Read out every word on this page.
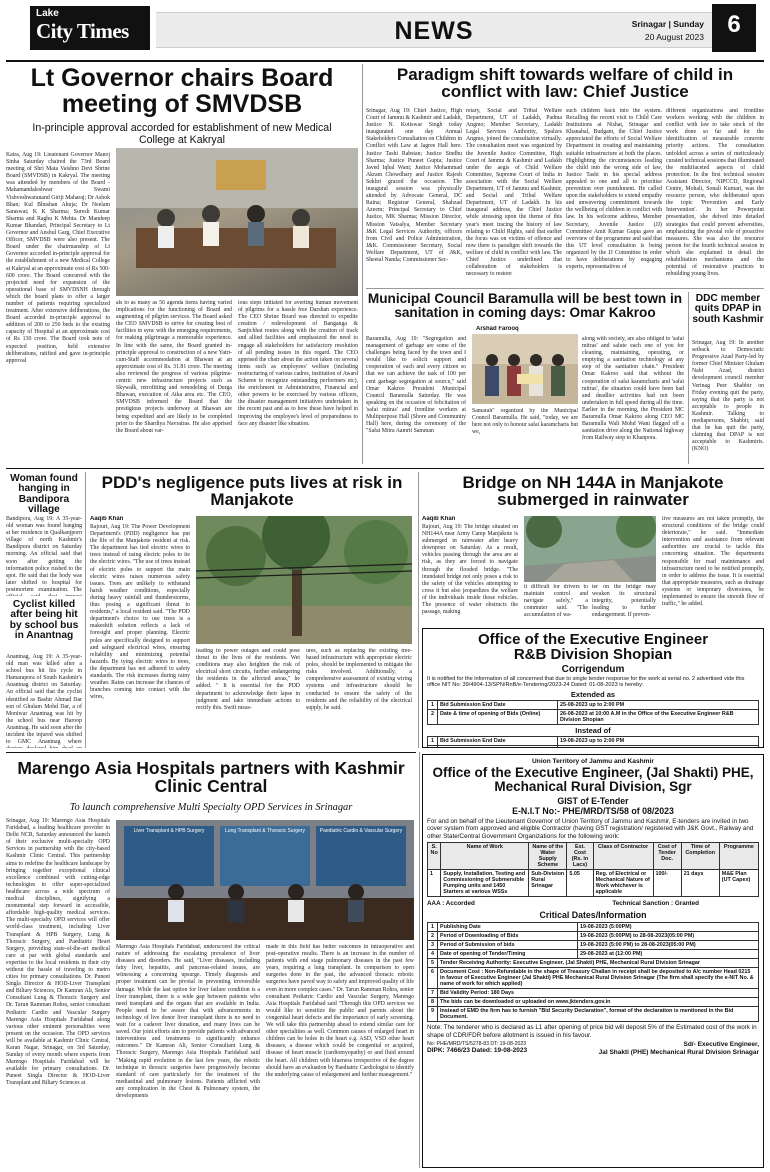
Lake
City Times	NEWS	Srinagar | Sunday
20 August 2023 6
Lt Governor chairs Board meeting of SMVDSB
In-principle approval accorded for establishment of new Medical College at Kakryal
Katra, Aug 19: Lieutenant Governor Manoj Sinha Saturday chaired the 73rd Board meeting of Shri Mata Vaishno Devi Shrine Board (SMVDSB) in Kakryal. The meeting was attended by members of the Board - Mahamandaleshwar Swami Vishveshwaranand Giriji Maharaj; Dr Ashok Bhan; Kul Bhushan Ahuja; Dr Neelam Saraswat; K K Sharma; Suresh Kumar Sharma and Raghu K Mehta. Dr Mandeep Kumar Bhandari, Principal Secretary to Lt Governor and Anshul Garg, Chief Executive Officer, SMVDSB were also present. The Board under the chairmanship of Lt Governor accorded in-principle approval for the establishment of a new Medical College at Kakryal at an approximate cost of Rs 500-600 crore. The Board concurred with the projected need for expansion of the operational base of SMVDSNH through which the board plans to offer a larger number of patients requiring specialized treatment. After extensive deliberations, the Board accorded in-principle approval to addition of 200 to 250 beds to the existing capacity of Hospital at an approximate cost of Rs 130 crore. The Board took note of expected position, held extensive deliberations, ratified and gave in-principle approval
als to as many as 56 agenda items having varied implications for the functioning of Board and augmenting of pilgrim services. The Board asked the CEO SMVDSB to strive for creating best of facilities in sync with the emerging requirements, for making pilgrimage a memorable experience. In line with the same, the Board granted in-principle approval to construction of a new Yatri-cum-Staff accommodation at Bhawan at an approximate cost of Rs. 31.81 crore. The meeting also reviewed the progress of various pilgrims-centric new infrastructure projects such as Skywalk, retrofitting and remodeling of Durga Bhawan, execution of Atka area etc. The CEO, SMVDSB informed the Board that the prestigious projects underway at Bhawan are being expedited and are likely to be completed prior to the Shardiya Navratras. He also apprised the Board about var-
ious steps initiated for averting human movement of pilgrims for a hassle free Darshan experience. The CEO Shrine Board was directed to expedite creation / redevelopment of Banganga & Sanjichhat routes along with the creation of track and allied facilities and emphasized the need to engage all stakeholders for satisfactory resolution of all pending issues in this regard. The CEO apprised the chair about the action taken on several items such as employees' welfare (including restructuring of various cadres, institution of Award Scheme to recognize outstanding performers etc), the enrichment in Administrative, Financial and other powers to be exercised by various officers, the disaster management initiatives undertaken in the recent past and as to how these have helped in improving the employee's level of preparedness to face any disaster like situation.
Paradigm shift towards welfare of child in conflict with law: Chief Justice
Srinagar, Aug 19: Chief Justice, High Court of Jammu & Kashmir and Ladakh, Justice N. Kotiswar Singh today inaugurated one day Annual Stakeholders Consultation on Children in Conflict with Law at Jagree Hall here. Justice Tashi Rabstan; Justice Sindhu Sharma; Justice Puneet Gupta; Justice Javed Iqbal Wani; Justice Mohammad Akram Chowdhary and Justice Rajesh Sekhri graced the occasion. The inaugural session was physically attended by Advocate General, DC Raina; Registrar General, Shahzad Azeem; Principal Secretary to Chief Justice, MK Sharma; Mission Director, Mission Vatsalya, Member Secretary J&K Legal Services Authority, officers from Civil and Police Administration, J&K. Commissioner Secretary, Social Welfare Department, UT of J&K, Sheetal Nanda; Commissioner Sec-
retary, Social and Tribal Welfare Department, UT of Ladakh, Padma Angmo; Member Secretary, Ladakh Legal Services Authority, Spalzes Angmo, joined the consultation virtually. The consultation meet was organized by the Juvenile Justice Committee, High Court of Jammu & Kashmir and Ladakh under the aegis of Child Welfare Committee, Supreme Court of India in association with the Social Welfare Department, UT of Jammu and Kashmir, and Social and Tribal Welfare Department, UT of Ladakh. In his inaugural address, the Chief Justice while stressing upon the theme of this year's meet tracing the history of law relating to Child Rights, said that earlier the focus was on victims of offence and now there is paradigm shift towards the welfare of child in conflict with law. The Chief Justice underlined that collaboration of stakeholders is necessary to restore
such children back into the system. Recalling the recent visit to Child Care Institutions at Nishat, Srinagar and Khanabal, Budgam, the Chief Justice appreciated the efforts of Social Welfare Department in creating and maintaining suitable infrastructure at both the places. Highlighting the circumstances leading the child into the wrong side of law, Justice Tashi in his special address appealed to one and all to prioritise prevention over punishment. He called upon the stakeholders to extend empathy and unwavering commitment towards the wellbeing of children in conflict with law. In his welcome address, Member Secretary, Juvenile Justice (JJ) Committee Amit Kumar Gupta gave an overview of the programme and said that this UT level consultation is being organized by the JJ Committee in order to have deliberations by engaging experts, representatives of
different organizations and frontline workers working with the children in conflict with law to take stock of the work done so far and for the identification of measurable concrete priority actions. The consultation unfolded across a series of meticulously curated technical sessions that illuminated the multifaceted aspects of child protection. In the first technical session Assistant Director, NIPCCD, Regional Centre, Mohali, Sonali Kumari, was the resource person, who deliberated upon the topic 'Prevention and Early Intervention'. In her Powerpoint presentation, she delved into detailed strategies that could prevent adversities, emphasizing the pivotal role of proactive measures. She was also the resource person for the fourth technical session in which she explained in detail the rehabilitation mechanisms and the potential of restorative practices in rebuilding young lives.
Municipal Council Baramulla will be best town in sanitation in coming days: Omar Kakroo
Arshad Farooq
Baramulla, Aug 19: "Segregation and management of garbage are some of the challenges being faced by the town and I would like to solicit support and cooperation of each and every citizen so that we can achieve the task of 100 per cent garbage segregation at source," said Omar Kakroo President Municipal Council Baramulla Saturday. He was speaking on the occasion of felicitation of 'safai mitras' and frontline workers at Multipurpose Hall (Shore and Community Hall) here, during the ceremony of the "Safai Mitra Aamrit Samman
Samarah" organized by the Municipal Council Baramulla. He said, "today, we are here not only to honour safai karamcharis but we,
along with society, are also obliged to 'safai mitras' and salute each one of you for cleaning, maintaining, operating, or emptying a sanitation technology at any step of the sanitation chain." President Omar Kakroo said that without the cooperation of safai karamcharis and 'safai mitras', the situation could have been bad and deadlier activities had not been undertaken in full speed during all the time. Earlier in the morning, the President MC Baramulla Omar Kakroo along CEO MC Baramulla Wali Mohd Wani flagged off a sanitation drive along the National highway from Railway stop to Khanpora.
DDC member quits DPAP in south Kashmir
Srinagar, Aug 19: In another setback to Democratic Progressive Azad Party-led by former Chief Minister Ghulam Nabi Azad, district development council member Verinag Peer Shabbir on Friday evening quit the party, saying that the party is not acceptable to people in Kashmir. Talking to mediapersons, Shabbir, said that he has quit the party, claiming that DPAP is not acceptable to Kashmiris. (KNO)
Woman found hanging in Bandipora village
Bandipora, Aug 19: A 35-year-old woman was found hanging at her residence in Qualkanjporn village of north Kashmir's Bandipora district on Saturday morning. An official said that soon after getting the information police rushed to the spot. He said that the body was later shifted to hospital for postmortem examination. The
Cyclist killed after being hit by school bus in Anantnag
Anantnag, Aug 19: A 35-year-old man was killed after a school bus hit his cycle in Hamarapora of South Kashmir's Anantnag district on Saturday. An official said that the cyclist identified as Bashir Ahmad Dar son of Ghulam Mohd Dar, a of Moniwar Anantnag was hit by the school bus near Haroop Anantnag. He said soon after the incident the injured was shifted to GMC Anantnag where
PDD's negligence puts lives at risk in Manjakote
Aaqib Khan
Rajouri, Aug 19: The Power Development Department's (PDD) negligence has put the life of the Manjakote resident at risk. The department has tied electric wires to trees instead of using electric poles to tie the electric wires. "The use of trees instead of electric poles to support the main electric wires raises numerous safety issues. Trees are unlikely to withstand harsh weather conditions, especially during heavy rainfall and thunderstorms, thus posing a significant threat to residents," a local resident said. "The PDD department's choice to use trees is a makeshift solution reflects a lack of foresight and proper planning. Electric poles are specifically designed to support and safeguard electrical wires, ensuring reliability and minimizing potential hazards. By tying electric wires to trees, the department has not adhered to safety standards. The risk increases during rainy weather. Rains can increase the chances of branches coming into contact with the wires,
leading to power outages and could pose threat to the lives of the residents. Wet conditions may also heighten the risk of electrical short circuits, further endangering the residents in the affected areas," he added. " It is essential for the PDD department to acknowledge their lapse in judgment and take immediate actions to rectify this. Swift meas-
ures, such as replacing the existing tree-based infrastructure with appropriate electric poles, should be implemented to mitigate the risks involved. Additionally, a comprehensive assessment of existing wiring systems and infrastructure should be conducted to ensure the safety of the residents and the reliability of the electrical supply, he said.
Bridge on NH 144A in Manjakote submerged in rainwater
Aaqib Khan
Rajouri, Aug 19: The bridge situated on NH144A near Army Camp Manjakote is submerged in rainwater after heavy downpour on Saturday. As a result, vehicles passing through the area are at risk, as they are forced to navigate through the flooded bridge. "The inundated bridge not only poses a risk to the safety of the vehicles attempting to cross it but also jeopardizes the welfare of the individuals inside those vehicles. The presence of water obstructs the passage, making
it difficult for drivers to maintain control and navigate safely," a commuter said. "The accumulation of wa-
ter on the bridge may weaken its structural integrity, potentially leading to further endangerment. If preven-
tive measures are not taken promptly, the structural conditions of the bridge could deteriorate," he said. "Immediate intervention and assistance from relevant authorities are crucial to tackle this concerning situation. The departments responsible for road maintenance and infrastructure need to be notified promptly, in order to address the issue. It is essential that appropriate measures, such as drainage systems or temporary diversions, be implemented to ensure the smooth flow of traffic," he added.
Office of the Executive Engineer
R&B Division Shopian
Corrigendum
It is notified for the information of all concerned that due to single tender response for the work at serial no. 2 advertised vide this office NIT No: 39/4904-13/SPN/RnB/e-Tendering/2023-24 Dated: 01-08-2023 is hereby:
Extended as
1	Bid Submission End Date	25-08-2023 up to 2:00 PM
2	Date & time of opening of Bids (Online)	26-08-2023 at 10:00 A.M in the Office of the Executive Engineer R&B Division Shopian
Instead of
1	Bid Submission End Date	19-08-2023 up to 2:00 PM

Marengo Asia Hospitals partners with Kashmir Clinic Central
To launch comprehensive Multi Specialty OPD Services in Srinagar
Srinagar, Aug 19: Marengo Asia Hospitals Faridabad, a leading healthcare provider in Delhi NCR, Saturday announced the launch of their exclusive multi-specialty OPD Services in partnership with the city-based Kashmir Clinic Central. This partnership aims to redefine the healthcare landscape by bringing together exceptional clinical excellence combined with cutting-edge technologies to offer super-specialized healthcare across a wide spectrum of medical disciplines, signifying a monumental step forward in accessible, affordable high-quality medical services. The multi-specialty OPD services will offer world-class treatment, including Liver Transplant & HPB Surgery, Lung & Thoracic Surgery, and Paediatric Heart Surgery, providing state-of-the-art medical care at par with global standards and expertise to the local residents in their city without the hassle of traveling to metro cities for primary consultations. Dr. Puneet Singla Director & HOD-Liver Transplant and Biliary Sciences, Dr Kamran Ali, Senior Consultant Lung & Thoracic Surgery and Dr. Tarun Ramman Rohra, senior consultant Pediatric Cardio and Vascular Surgery Marengo Asia Hospitals Faridabad along various other eminent personalities were present on the occasion. The OPD services will be available at Kashmir Clinic Central, Karan Nagar, Srinagar, on 3rd Saturday, Sunday of every month where experts from Marengo Hospitals Faridabad will be available for primary consultations. Dr. Puneet Singla Director & HOD-Liver Transplant and Biliary Sciences at
Liver Transplant & HPB Surgery	Lung Transplant & Thoracic Surgery	Paediatric Cardio & Vascular Surgery
Marengo Asia Hospitals Faridabad, underscored the critical nature of addressing the escalating prevalence of liver diseases and disorders. He said, "Liver diseases, including fatty liver, hepatitis, and pancreas-related issues, are witnessing a concerning upsurge. Timely diagnosis and proper treatment can be pivotal in preventing irreversible damage. While the last option for liver failure condition is a liver transplant, there is a wide gap between patients who need transplant and the organs that are available in India. People need to be aware that with advancements in technology of live donor liver transplant there is no need to wait for a cadaver liver donation, and many lives can be saved. Our joint efforts aim to provide patients with advanced interventions and treatments to significantly enhance outcomes." Dr Kamran Ali, Senior Consultant Lung & Thoracic Surgery, Marengo Asia Hospitals Faridabad said "Making rapid evolution in the last few years, the robotic technique in thoracic surgeries have progressively become standard of care particularly for the treatment of the mediastinal and pulmonary lesions. Patients afflicted with any complication in the Chest & Pulmonary system, the developments
made in this field has better outcomes in intraoperative and post-operative results. There is an increase in the number of patients with end stage pulmonary diseases in the past few years, requiring a lung transplant. In comparison to open surgeries done in the past, the advanced thoracic robotic surgeries have paved way to safety and improved quality of life even in more complex cases." Dr. Tarun Ramman Rohra, senior consultant Pediatric Cardio and Vascular Surgery, Marengo Asia Hospitals Faridabad said "Through this OPD services we would like to sensitize the public and parents about the congenital heart defects and the importance of early screening. We will take this partnership ahead to extend similar care for other specialities as well. Common causes of enlarged heart in children can be holes in the heart e.g. ASD, VSD other heart diseases, a disease which could be congenital or acquired, disease of heart muscle (cardiomyopathy) or and fluid around the heart. All children with blueness irrespective of the degree should have an evaluation by Paediatric Cardiologist to identify the underlying cause of enlargement and further management."
Union Territory of Jammu and Kashmir
Office of the Executive Engineer, (Jal Shakti) PHE,
Mechanical Rural Division, Sgr
GIST of E-Tender
E-N.I.T No:- PHE/MRD/TS/58 of 08/2023
For and on behalf of the Lieutenant Governor of Union Territory of Jammu and Kashmir, E-tenders are invited in two cover system from approved and eligible Contractor (having GST registration/ registered with J&K Govt., Railway and other State/Central Government Organizations for the following work:
S. No	Name of Work	Name of the Water Supply Scheme	Est. Cost (Rs. in Lacs)	Class of Contractor	Cost of Tender Doc.	Time of Completion	Programme
1	Supply, Installation, Testing and Commissioning of Submersible Pumping units and 1450 Starters at various WSSs	Sub-Division Rural Srinagar	5.05	Reg. of Electrical or Mechanical Nature of Work whichever is applicable	100/-	21 days	M&E Plan (UT Capex)
AAA : Accorded	Technical Sanction : Granted
Critical Dates/Information
1	Publishing Date	19-08-2023 (5:00PM)
2	Period of Downloading of Bids	19-08-2023 (5:00PM) to 28-08-2023(05:00 PM)
3	Period of Submission of bids	19-08-2023 (5:00 PM) to 28-08-2023(05:00 PM)
4	Date of opening of Tender/Timing	29-08-2023 at (12:00 PM)
5	Tender Receiving Authority: Executive Engineer, (Jal Shakti) PHE, Mechanical Rural Division Srinagar	
6	Document Cost : Non-Refundable in the shape of Treasury Challan in receipt shall be deposited to A/c number Head 0215 in favour of Executive Engineer (Jal Shakti) PHE Mechanical Rural Division Srinagar (The firm shall specify the e-NIT No. & name of work for which applied)	
7	Bid Validity Period: 180 Days	
8	The bids can be downloaded or uploaded on www.jktenders.gov.in	
9	Instead of EMD the firm has to furnish "Bid Security Declaration", format of the declaration is mentioned in the Bid Document.	
Note: The tenderer who is declared as L1 after opening of price bid will deposit 5% of the Estimated cost of the work in shape of CDR/FDR before allotment is issued in his favour.
No: PHE/MRD/TS/5278-83 DT: 19-08-2023
DIPK: 7466/23 Dated: 19-08-2023
Sd/- Executive Engineer,
Jal Shakti (PHE) Mechanical Rural Division Srinagar
